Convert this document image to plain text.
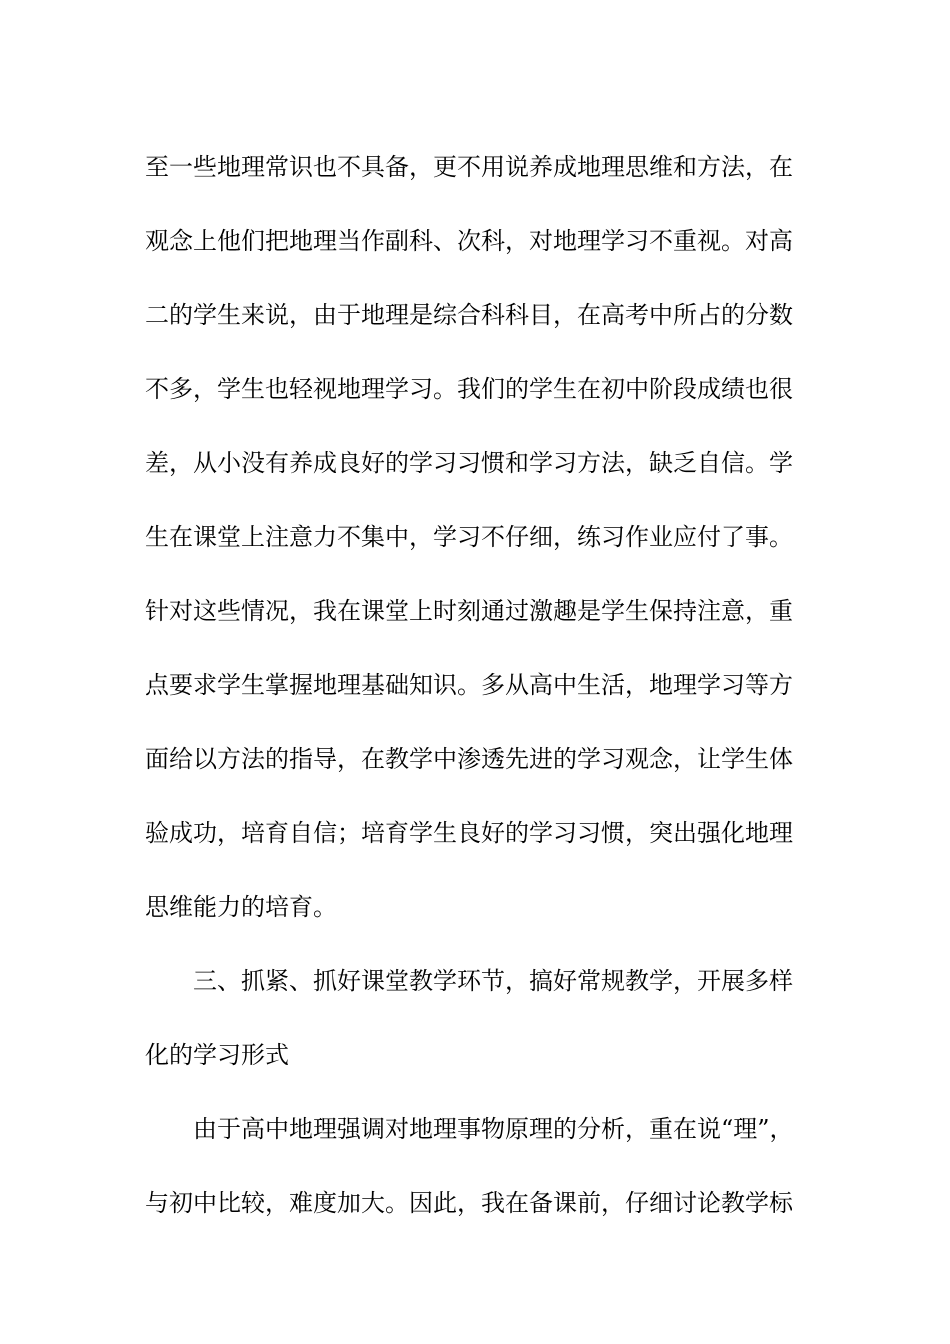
至一些地理常识也不具备，更不用说养成地理思维和方法，在
观念上他们把地理当作副科、次科，对地理学习不重视。对高
二的学生来说，由于地理是综合科科目，在高考中所占的分数
不多，学生也轻视地理学习。我们的学生在初中阶段成绩也很
差，从小没有养成良好的学习习惯和学习方法，缺乏自信。学
生在课堂上注意力不集中，学习不仔细，练习作业应付了事。
针对这些情况，我在课堂上时刻通过激趣是学生保持注意，重
点要求学生掌握地理基础知识。多从高中生活，地理学习等方
面给以方法的指导，在教学中渗透先进的学习观念，让学生体
验成功，培育自信；培育学生良好的学习习惯，突出强化地理
思维能力的培育。
三、抓紧、抓好课堂教学环节，搞好常规教学，开展多样
化的学习形式
由于高中地理强调对地理事物原理的分析，重在说“理”，
与初中比较，难度加大。因此，我在备课前，仔细讨论教学标
